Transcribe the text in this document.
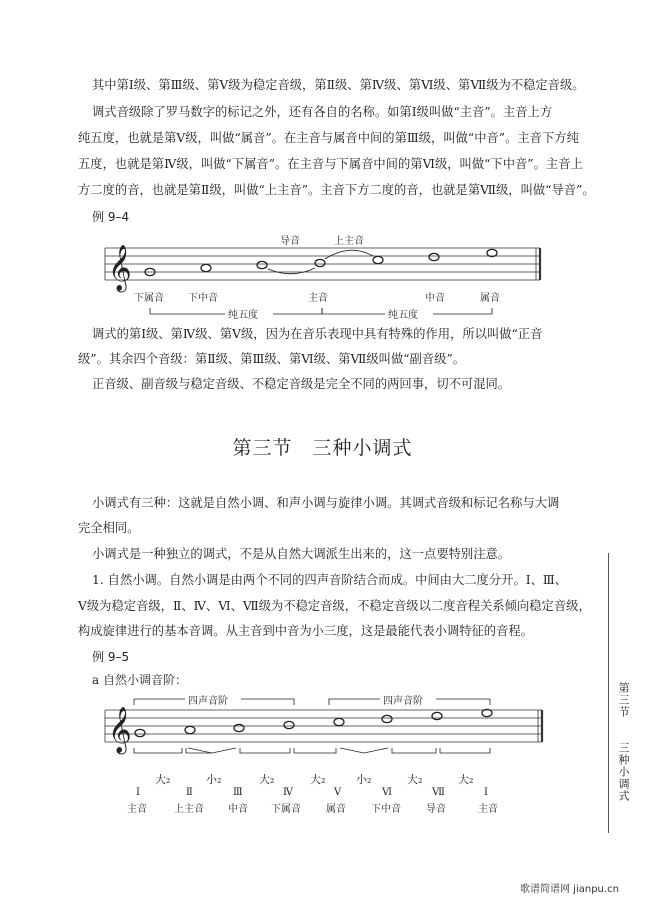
其中第Ⅰ级、第Ⅲ级、第Ⅴ级为稳定音级，第Ⅱ级、第Ⅳ级、第Ⅵ级、第Ⅶ级为不稳定音级。
调式音级除了罗马数字的标记之外，还有各自的名称。如第Ⅰ级叫做“主音”。主音上方
纯五度，也就是第Ⅴ级，叫做“属音”。在主音与属音中间的第Ⅲ级，叫做“中音”。主音下方纯
五度，也就是第Ⅳ级，叫做“下属音”。在主音与下属音中间的第Ⅵ级，叫做“下中音”。主音上
方二度的音，也就是第Ⅱ级，叫做“上主音”。主音下方二度的音，也就是第Ⅶ级，叫做“导音”。
例 9–4
𝄞
𝄞
导音	上主音
下属音 下中音	主音	中音	属音
纯五度	纯五度
调式的第Ⅰ级、第Ⅳ级、第Ⅴ级，因为在音乐表现中具有特殊的作用，所以叫做“正音
级”。其余四个音级：第Ⅱ级、第Ⅲ级、第Ⅵ级、第Ⅶ级叫做“副音级”。
正音级、副音级与稳定音级、不稳定音级是完全不同的两回事，切不可混同。
第三节　三种小调式
小调式有三种：这就是自然小调、和声小调与旋律小调。其调式音级和标记名称与大调
完全相同。
小调式是一种独立的调式，不是从自然大调派生出来的，这一点要特别注意。
1. 自然小调。自然小调是由两个不同的四声音阶结合而成。中间由大二度分开。Ⅰ、Ⅲ、
Ⅴ级为稳定音级，Ⅱ、Ⅳ、Ⅵ、Ⅶ级为不稳定音级，不稳定音级以二度音程关系倾向稳定音级，
构成旋律进行的基本音调。从主音到中音为小三度，这是最能代表小调特征的音程。
例 9–5
a 自然小调音阶：
四声音阶	四声音阶
大₂	小₂	大₂	大₂	小₂	大₂	大₂
Ⅰ	Ⅱ	Ⅲ	Ⅳ	Ⅴ	Ⅵ	Ⅶ	Ⅰ
主音	上主音 中音 下属音	属音	下中音	导音	主音
第三节
三种小调式
歌谱简谱网 jianpu.cn
